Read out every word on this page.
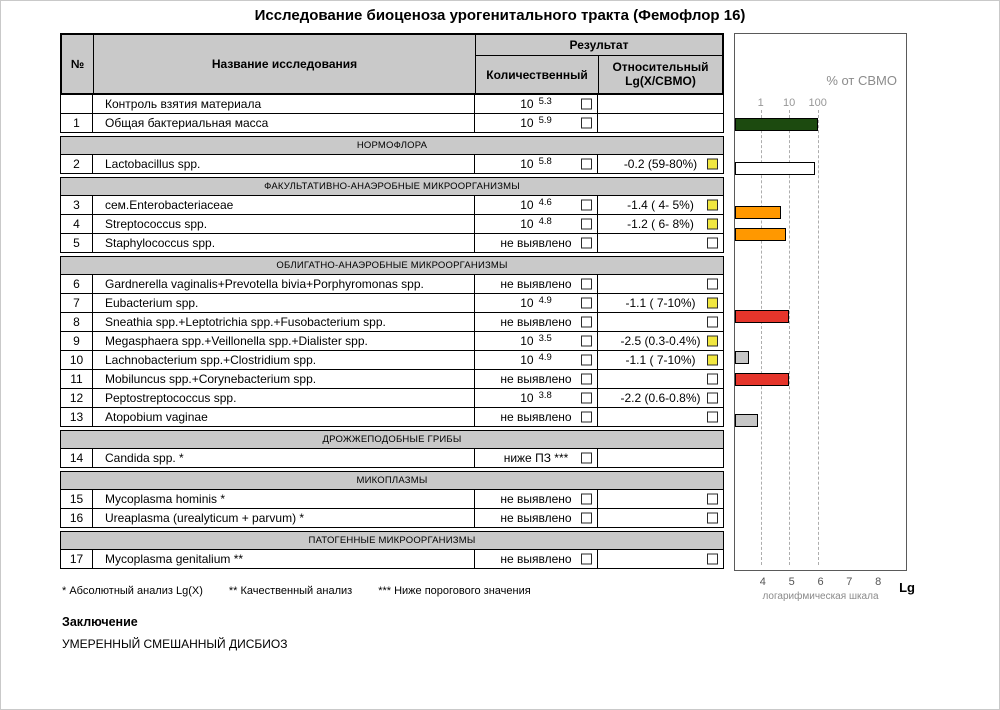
Исследование биоценоза урогенитального тракта (Фемофлор 16)
№	Название исследования
Результат
Количественный
Относительный Lg(X/СВМО)
Контроль взятия материала	10 5.3
1	Общая бактериальная масса	10 5.9
НОРМОФЛОРА
2	Lactobacillus spp.	10 5.8	-0.2 (59-80%)
ФАКУЛЬТАТИВНО-АНАЭРОБНЫЕ МИКРООРГАНИЗМЫ
3	сем.Enterobacteriaceae	10 4.6	-1.4 ( 4- 5%)
4	Streptococcus spp.	10 4.8	-1.2 ( 6- 8%)
5	Staphylococcus spp.	не выявлено
ОБЛИГАТНО-АНАЭРОБНЫЕ МИКРООРГАНИЗМЫ
6	Gardnerella vaginalis+Prevotella bivia+Porphyromonas spp.	не выявлено
7	Eubacterium spp.	10 4.9	-1.1 ( 7-10%)
8	Sneathia spp.+Leptotrichia spp.+Fusobacterium spp.	не выявлено
9	Megasphaera spp.+Veillonella spp.+Dialister spp.	10 3.5	-2.5 (0.3-0.4%)
10	Lachnobacterium spp.+Clostridium spp.	10 4.9	-1.1 ( 7-10%)
11	Mobiluncus spp.+Corynebacterium spp.	не выявлено
12	Peptostreptococcus spp.	10 3.8	-2.2 (0.6-0.8%)
13	Atopobium vaginae	не выявлено
ДРОЖЖЕПОДОБНЫЕ ГРИБЫ
14	Candida spp. *	ниже ПЗ ***
МИКОПЛАЗМЫ
15	Mycoplasma hominis *	не выявлено
16	Ureaplasma (urealyticum + parvum) *	не выявлено
ПАТОГЕННЫЕ МИКРООРГАНИЗМЫ
17	Mycoplasma genitalium **	не выявлено
% от СВМО
1 10 100
Lg
логарифмическая шкала
4 5 6 7 8
* Абсолютный анализ Lg(X) ** Качественный анализ *** Ниже порогового значения
Заключение
УМЕРЕННЫЙ СМЕШАННЫЙ ДИСБИОЗ
